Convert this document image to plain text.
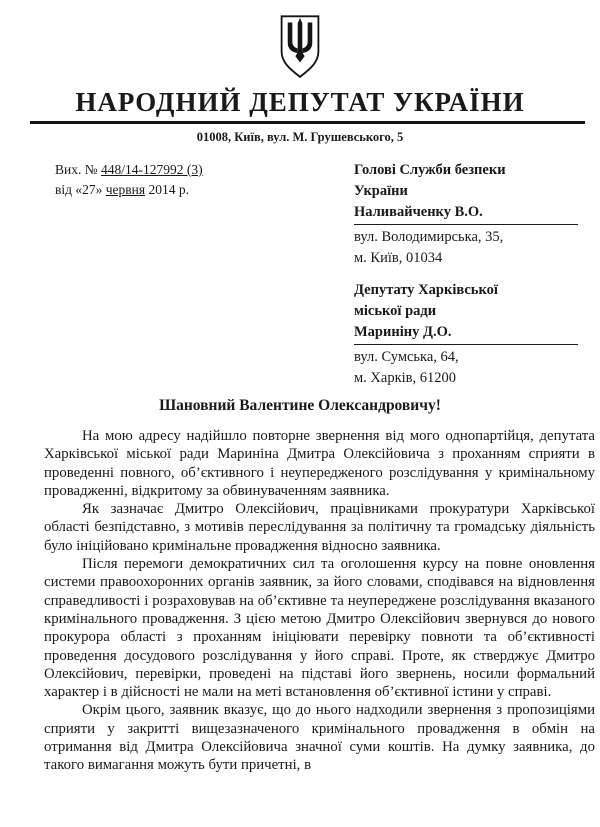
НАРОДНИЙ ДЕПУТАТ УКРАЇНИ
01008, Київ, вул. М. Грушевського, 5
Вих. № 448/14-127992 (3)
від «27» червня 2014 р.
Голові Служби безпеки
України
Наливайченку В.О.
вул. Володимирська, 35,
м. Київ, 01034
Депутату Харківської
міської ради
Мариніну Д.О.
вул. Сумська, 64,
м. Харків, 61200
Шановний Валентине Олександровичу!

На мою адресу надійшло повторне звернення від мого однопартійця, депутата Харківської міської ради Мариніна Дмитра Олексійовича з проханням сприяти в проведенні повного, об’єктивного і неупередженого розслідування у кримінальному провадженні, відкритому за обвинуваченням заявника.

Як зазначає Дмитро Олексійович, працівниками прокуратури Харківської області безпідставно, з мотивів переслідування за політичну та громадську діяльність було ініційовано кримінальне провадження відносно заявника.

Після перемоги демократичних сил та оголошення курсу на повне оновлення системи правоохоронних органів заявник, за його словами, сподівався на відновлення справедливості і розраховував на об’єктивне та неупереджене розслідування вказаного кримінального провадження. З цією метою Дмитро Олексійович звернувся до нового прокурора області з проханням ініціювати перевірку повноти та об’єктивності проведення досудового розслідування у його справі. Проте, як стверджує Дмитро Олексійович, перевірки, проведені на підставі його звернень, носили формальний характер і в дійсності не мали на меті встановлення об’єктивної істини у справі.

Окрім цього, заявник вказує, що до нього надходили звернення з пропозиціями сприяти у закритті вищезазначеного кримінального провадження в обмін на отримання від Дмитра Олексійовича значної суми коштів. На думку заявника, до такого вимагання можуть бути причетні, в
